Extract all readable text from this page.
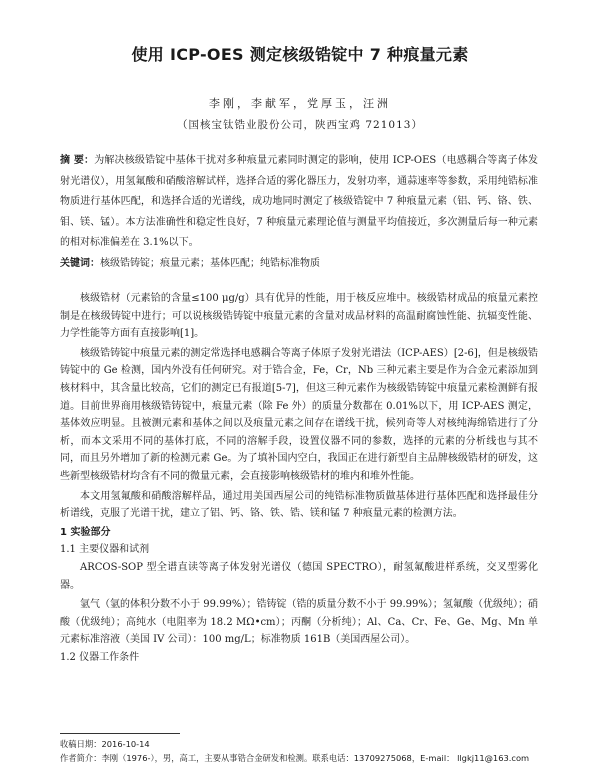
使用 ICP-OES 测定核级锆锭中 7 种痕量元素
李刚，李献军，党厚玉，汪洲
（国核宝钛锆业股份公司，陕西宝鸡 721013）
摘 要：为解决核级锆锭中基体干扰对多种痕量元素同时测定的影响，使用 ICP-OES（电感耦合等离子体发射光谱仪），用氢氟酸和硝酸溶解试样，选择合适的雾化器压力，发射功率，通蒜速率等参数，采用纯锆标准物质进行基体匹配，和选择合适的光谱线，成功地同时测定了核级锆锭中 7 种痕量元素（铝、钙、铬、铁、钼、镁、锰）。本方法准确性和稳定性良好，7 种痕量元素理论值与测量平均值接近，多次测量后每一种元素的相对标准偏差在 3.1%以下。
关键词：核级锆铸锭；痕量元素；基体匹配；纯锆标准物质

核级锆材（元素铪的含量≤100 μg/g）具有优异的性能，用于核反应堆中。核级锆材成品的痕量元素控制是在核级铸锭中进行；可以说核级锆铸锭中痕量元素的含量对成品材料的高温耐腐蚀性能、抗辐变性能、力学性能等方面有直接影响[1]。

核级锆铸锭中痕量元素的测定常选择电感耦合等离子体原子发射光谱法（ICP-AES）[2-6]，但是核级锆铸锭中的 Ge 检测，国内外没有任何研究。对于锆合金，Fe，Cr，Nb 三种元素主要是作为合金元素添加到核材料中，其含量比较高，它们的测定已有报道[5-7]，但这三种元素作为核级锆铸锭中痕量元素检测鲜有报道。目前世界商用核级锆铸锭中，痕量元素（除 Fe 外）的质量分数都在 0.01%以下，用 ICP-AES 测定，基体效应明显。且被测元素和基体之间以及痕量元素之间存在谱线干扰，候列奇等人对核纯海绵锆进行了分析，而本文采用不同的基体打底，不同的溶解手段，设置仪器不同的参数，选择的元素的分析线也与其不同，而且另外增加了新的检测元素 Ge。为了填补国内空白，我国正在进行新型自主品牌核级锆材的研发，这些新型核级锆材均含有不同的微量元素，会直接影响核级锆材的堆内和堆外性能。

本文用氢氟酸和硝酸溶解样品，通过用美国西屋公司的纯锆标准物质做基体进行基体匹配和选择最佳分析谱线，克服了光谱干扰，建立了铝、钙、铬、铁、锆、镁和锰 7 种痕量元素的检测方法。

1 实验部分

1.1 主要仪器和试剂

ARCOS-SOP 型全谱直读等离子体发射光谱仪（德国 SPECTRO），耐氢氟酸进样系统，交叉型雾化器。

氩气（氩的体积分数不小于 99.99%）；锆铸锭（锆的质量分数不小于 99.99%）；氢氟酸（优级纯）；硝酸（优级纯）；高纯水（电阻率为 18.2 MΩ•cm）；丙酮（分析纯）；Al、Ca、Cr、Fe、Ge、Mg、Mn 单元素标准溶液（美国 IV 公司）：100 mg/L；标准物质 161B（美国西屋公司）。

1.2 仪器工作条件

收稿日期：2016-10-14
作者简介：李刚（1976-），男，高工，主要从事锆合金研发和检测。联系电话：13709275068，E-mail： llgkj11@163.com
